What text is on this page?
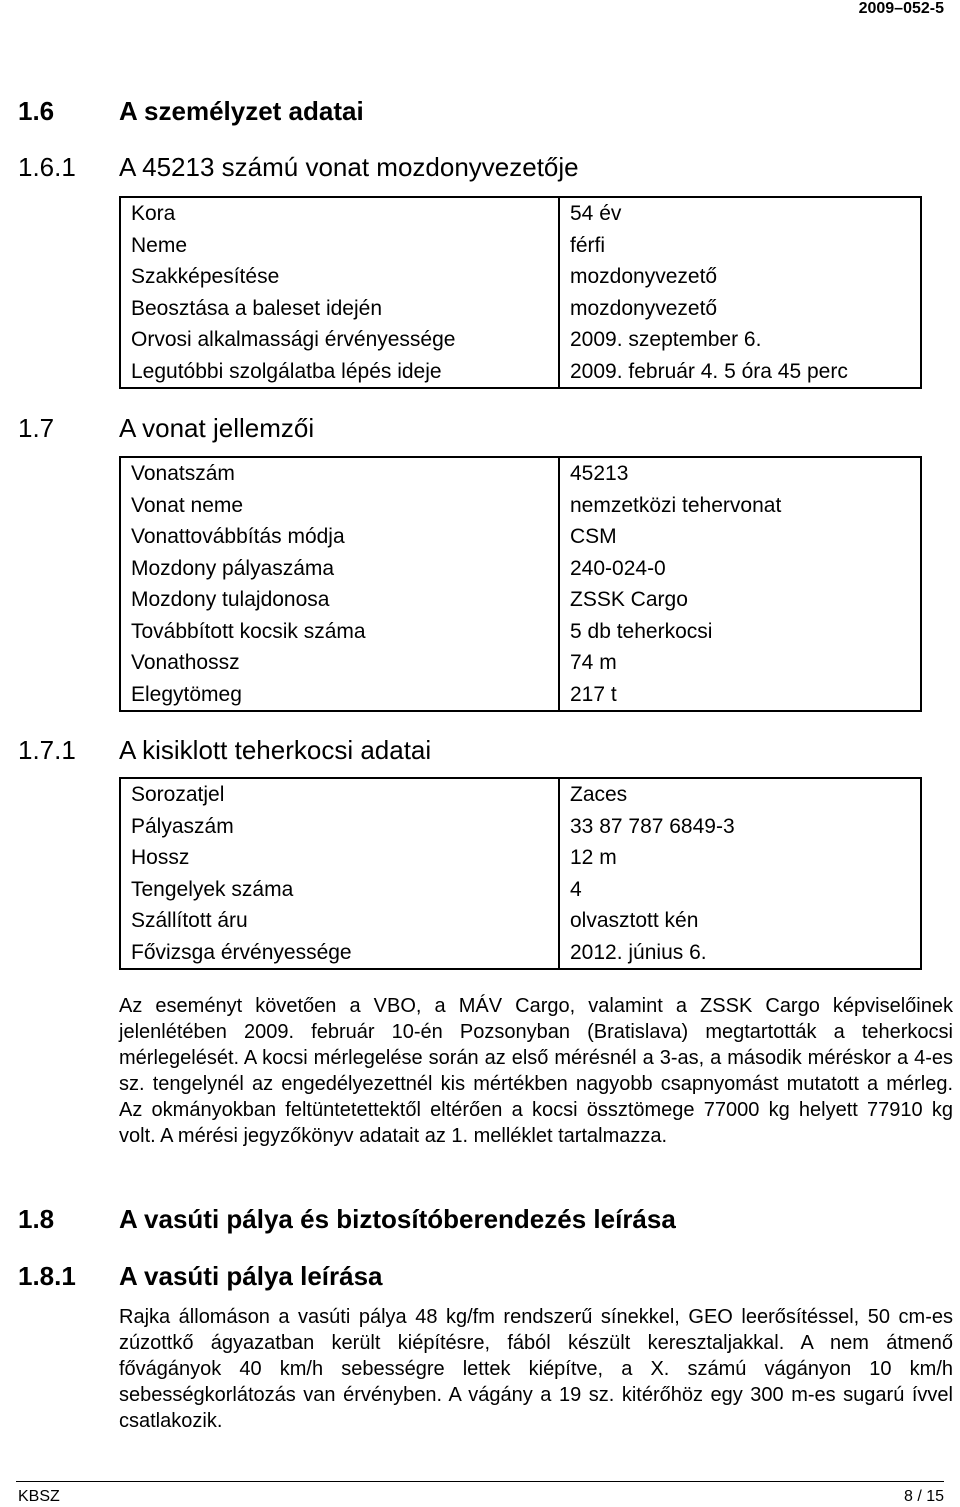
2009–052-5
1.6 A személyzet adatai
1.6.1 A 45213 számú vonat mozdonyvezetője
Kora	54 év
Neme	férfi
Szakképesítése	mozdonyvezető
Beosztása a baleset idején	mozdonyvezető
Orvosi alkalmassági érvényessége	2009. szeptember 6.
Legutóbbi szolgálatba lépés ideje	2009. február 4. 5 óra 45 perc
1.7 A vonat jellemzői
Vonatszám	45213
Vonat neme	nemzetközi tehervonat
Vonattovábbítás módja	CSM
Mozdony pályaszáma	240-024-0
Mozdony tulajdonosa	ZSSK Cargo
Továbbított kocsik száma	5 db teherkocsi
Vonathossz	74 m
Elegytömeg	217 t
1.7.1 A kisiklott teherkocsi adatai
Sorozatjel	Zaces
Pályaszám	33 87 787 6849-3
Hossz	12 m
Tengelyek száma	4
Szállított áru	olvasztott kén
Fővizsga érvényessége	2012. június 6.
Az eseményt követően a VBO, a MÁV Cargo, valamint a ZSSK Cargo képviselőinek jelenlétében 2009. február 10-én Pozsonyban (Bratislava) megtartották a teherkocsi mérlegelését. A kocsi mérlegelése során az első mérésnél a 3-as, a második méréskor a 4-es sz. tengelynél az engedélyezettnél kis mértékben nagyobb csapnyomást mutatott a mérleg. Az okmányokban feltüntetettektől eltérően a kocsi össztömege 77000 kg helyett 77910 kg volt. A mérési jegyzőkönyv adatait az 1. melléklet tartalmazza.
1.8 A vasúti pálya és biztosítóberendezés leírása
1.8.1 A vasúti pálya leírása
Rajka állomáson a vasúti pálya 48 kg/fm rendszerű sínekkel, GEO leerősítéssel, 50 cm-es zúzottkő ágyazatban került kiépítésre, fából készült keresztaljakkal. A nem átmenő fővágányok 40 km/h sebességre lettek kiépítve, a X. számú vágányon 10 km/h sebességkorlátozás van érvényben. A vágány a 19 sz. kitérőhöz egy 300 m-es sugarú ívvel csatlakozik.
KBSZ	8 / 15
